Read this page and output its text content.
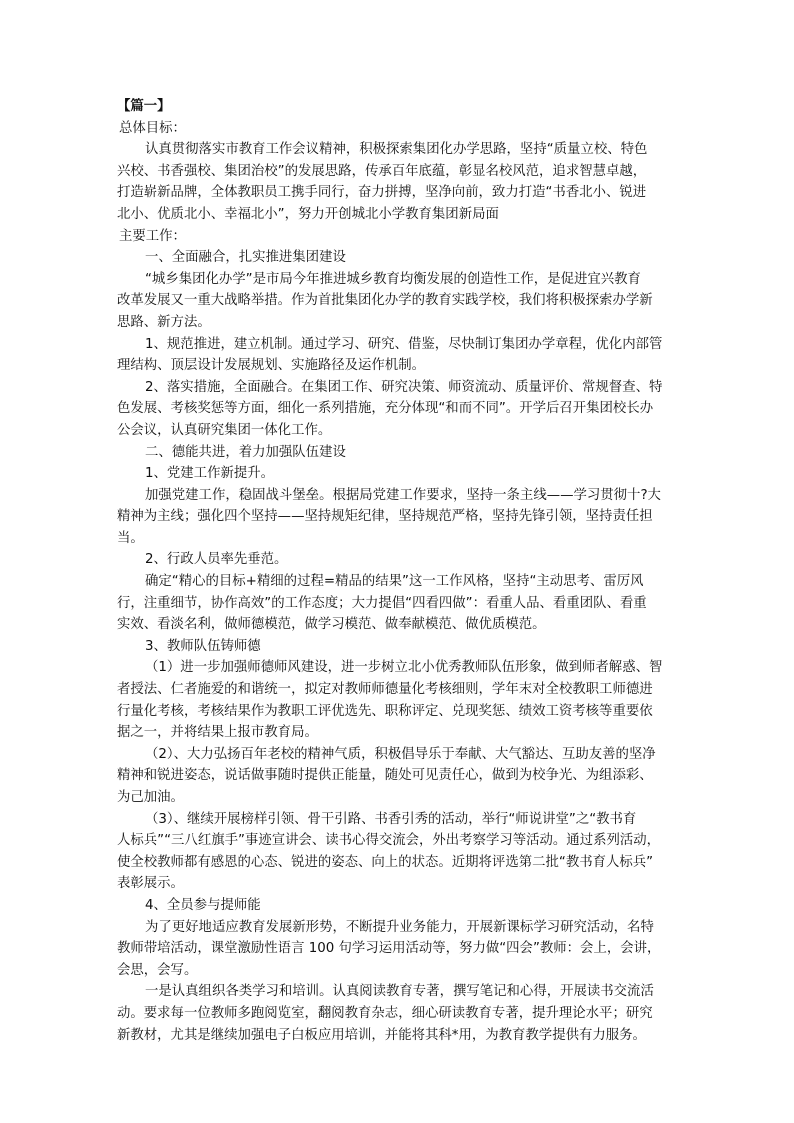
【篇一】
总体目标：
认真贯彻落实市教育工作会议精神，积极探索集团化办学思路，坚持“质量立校、特色
兴校、书香强校、集团治校”的发展思路，传承百年底蕴，彰显名校风范，追求智慧卓越，
打造崭新品牌，全体教职员工携手同行，奋力拼搏，坚净向前，致力打造“书香北小、锐进
北小、优质北小、幸福北小”，努力开创城北小学教育集团新局面
主要工作：
一、全面融合，扎实推进集团建设
“城乡集团化办学”是市局今年推进城乡教育均衡发展的创造性工作，是促进宜兴教育
改革发展又一重大战略举措。作为首批集团化办学的教育实践学校，我们将积极探索办学新
思路、新方法。
1、规范推进，建立机制。通过学习、研究、借鉴，尽快制订集团办学章程，优化内部管
理结构、顶层设计发展规划、实施路径及运作机制。
2、落实措施，全面融合。在集团工作、研究决策、师资流动、质量评价、常规督查、特
色发展、考核奖惩等方面，细化一系列措施，充分体现“和而不同”。开学后召开集团校长办
公会议，认真研究集团一体化工作。
二、德能共进，着力加强队伍建设
1、党建工作新提升。
加强党建工作，稳固战斗堡垒。根据局党建工作要求，坚持一条主线——学习贯彻十?大
精神为主线；强化四个坚持——坚持规矩纪律，坚持规范严格，坚持先锋引领，坚持责任担
当。
2、行政人员率先垂范。
确定“精心的目标+精细的过程=精品的结果”这一工作风格，坚持“主动思考、雷厉风
行，注重细节，协作高效”的工作态度；大力提倡“四看四做”：看重人品、看重团队、看重
实效、看淡名利，做师德模范，做学习模范、做奉献模范、做优质模范。
3、教师队伍铸师德
（1）进一步加强师德师风建设，进一步树立北小优秀教师队伍形象，做到师者解惑、智
者授法、仁者施爱的和谐统一，拟定对教师师德量化考核细则，学年末对全校教职工师德进
行量化考核，考核结果作为教职工评优选先、职称评定、兑现奖惩、绩效工资考核等重要依
据之一，并将结果上报市教育局。
（2）、大力弘扬百年老校的精神气质，积极倡导乐于奉献、大气豁达、互助友善的坚净
精神和锐进姿态，说话做事随时提供正能量，随处可见责任心，做到为校争光、为组添彩、
为己加油。
（3）、继续开展榜样引领、骨干引路、书香引秀的活动，举行“师说讲堂”之“教书育
人标兵”“三八红旗手”事迹宣讲会、读书心得交流会，外出考察学习等活动。通过系列活动，
使全校教师都有感恩的心态、锐进的姿态、向上的状态。近期将评选第二批“教书育人标兵”
表彰展示。
4、全员参与提师能
为了更好地适应教育发展新形势，不断提升业务能力，开展新课标学习研究活动，名特
教师带培活动，课堂激励性语言 100 句学习运用活动等，努力做“四会”教师：会上，会讲，
会思，会写。
一是认真组织各类学习和培训。认真阅读教育专著，撰写笔记和心得，开展读书交流活
动。要求每一位教师多跑阅览室，翻阅教育杂志，细心研读教育专著，提升理论水平；研究
新教材，尤其是继续加强电子白板应用培训，并能将其科*用，为教育教学提供有力服务。
